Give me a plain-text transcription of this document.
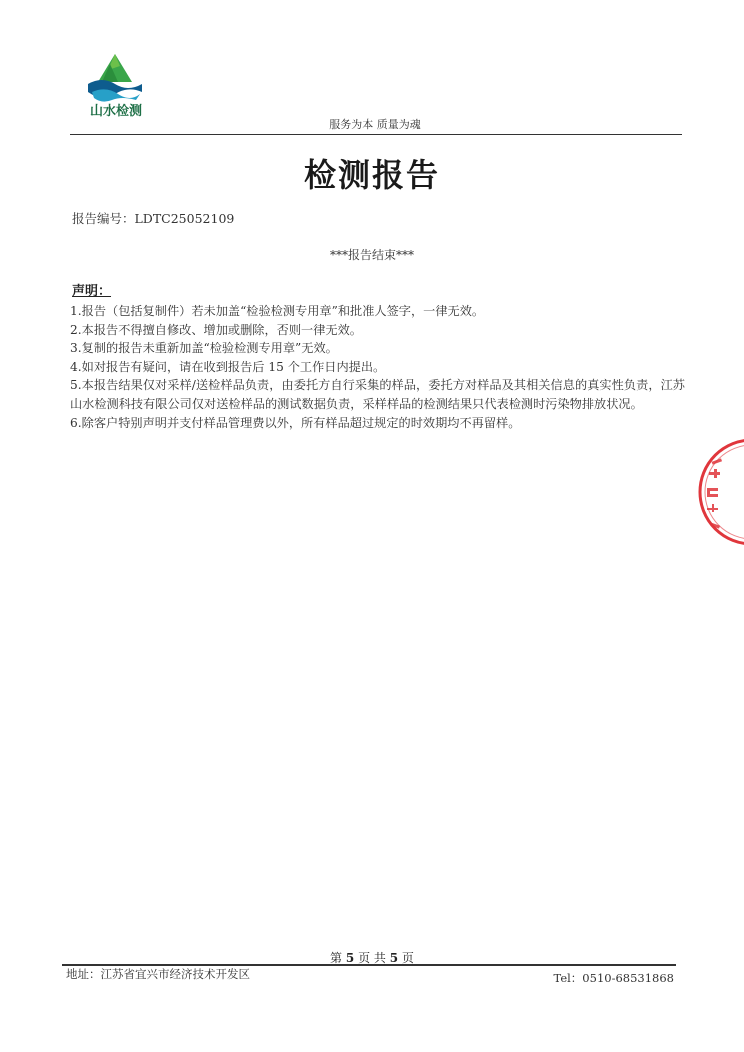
山水检测
服务为本 质量为魂
检测报告
报告编号：LDTC25052109
***报告结束***
声明：
1.报告（包括复制件）若未加盖“检验检测专用章”和批准人签字，一律无效。
2.本报告不得擅自修改、增加或删除，否则一律无效。
3.复制的报告未重新加盖“检验检测专用章”无效。
4.如对报告有疑问，请在收到报告后 15 个工作日内提出。
5.本报告结果仅对采样/送检样品负责，由委托方自行采集的样品，委托方对样品及其相关信息的真实性负责，江苏山水检测科技有限公司仅对送检样品的测试数据负责，采样样品的检测结果只代表检测时污染物排放状况。
6.除客户特别声明并支付样品管理费以外，所有样品超过规定的时效期均不再留样。
第 5 页 共 5 页
地址：江苏省宜兴市经济技术开发区	Tel：0510-68531868
